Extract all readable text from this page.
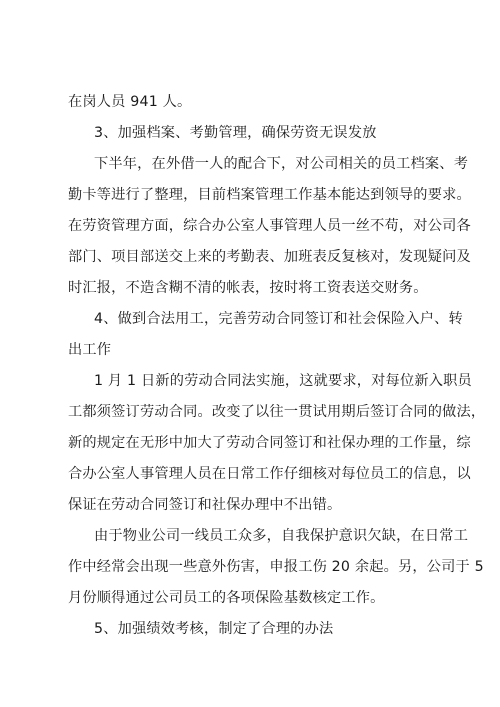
在岗人员 941 人。
3、加强档案、考勤管理，确保劳资无误发放
下半年，在外借一人的配合下，对公司相关的员工档案、考
勤卡等进行了整理，目前档案管理工作基本能达到领导的要求。
在劳资管理方面，综合办公室人事管理人员一丝不苟，对公司各
部门、项目部送交上来的考勤表、加班表反复核对，发现疑问及
时汇报，不造含糊不清的帐表，按时将工资表送交财务。
4、做到合法用工，完善劳动合同签订和社会保险入户、转
出工作
1 月 1 日新的劳动合同法实施，这就要求，对每位新入职员
工都须签订劳动合同。改变了以往一贯试用期后签订合同的做法，
新的规定在无形中加大了劳动合同签订和社保办理的工作量，综
合办公室人事管理人员在日常工作仔细核对每位员工的信息，以
保证在劳动合同签订和社保办理中不出错。
由于物业公司一线员工众多，自我保护意识欠缺，在日常工
作中经常会出现一些意外伤害，申报工伤 20 余起。另，公司于 5
月份顺得通过公司员工的各项保险基数核定工作。
5、加强绩效考核，制定了合理的办法
